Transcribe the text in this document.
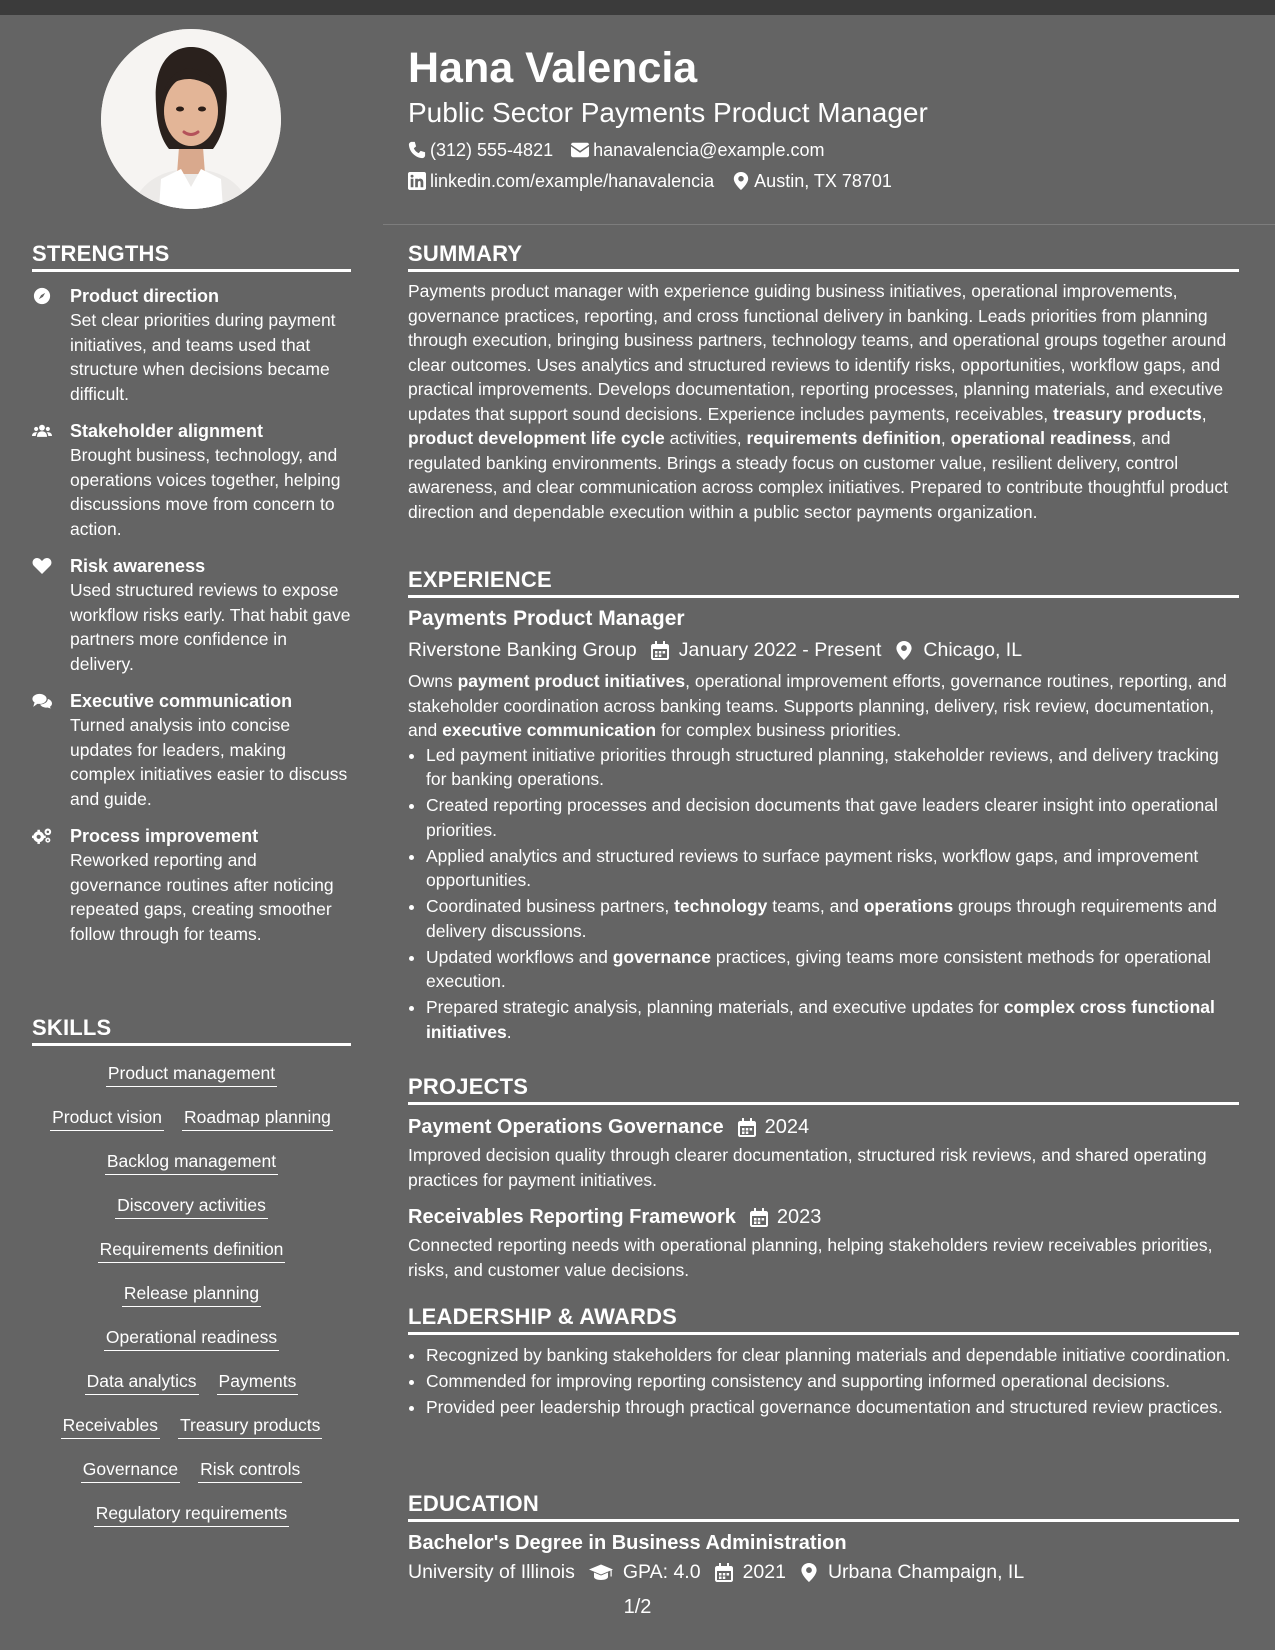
STRENGTHS
Product direction
Set clear priorities during payment initiatives, and teams used that structure when decisions became difficult.
Stakeholder alignment
Brought business, technology, and operations voices together, helping discussions move from concern to action.
Risk awareness
Used structured reviews to expose workflow risks early. That habit gave partners more confidence in delivery.
Executive communication
Turned analysis into concise updates for leaders, making complex initiatives easier to discuss and guide.
Process improvement
Reworked reporting and governance routines after noticing repeated gaps, creating smoother follow through for teams.
SKILLS
Product management
Product vision Roadmap planning
Backlog management
Discovery activities
Requirements definition
Release planning
Operational readiness
Data analytics Payments
Receivables Treasury products
Governance Risk controls
Regulatory requirements
Hana Valencia
Public Sector Payments Product Manager
(312) 555-4821 hanavalencia@example.com
linkedin.com/example/hanavalencia Austin, TX 78701
SUMMARY

Payments product manager with experience guiding business initiatives, operational improvements, governance practices, reporting, and cross functional delivery in banking. Leads priorities from planning through execution, bringing business partners, technology teams, and operational groups together around clear outcomes. Uses analytics and structured reviews to identify risks, opportunities, workflow gaps, and practical improvements. Develops documentation, reporting processes, planning materials, and executive updates that support sound decisions. Experience includes payments, receivables, treasury products, product development life cycle activities, requirements definition, operational readiness, and regulated banking environments. Brings a steady focus on customer value, resilient delivery, control awareness, and clear communication across complex initiatives. Prepared to contribute thoughtful product direction and dependable execution within a public sector payments organization.

EXPERIENCE
Payments Product Manager
Riverstone Banking Group January 2022 - Present Chicago, IL

Owns payment product initiatives, operational improvement efforts, governance routines, reporting, and stakeholder coordination across banking teams. Supports planning, delivery, risk review, documentation, and executive communication for complex business priorities.

• Led payment initiative priorities through structured planning, stakeholder reviews, and delivery tracking for banking operations.
• Created reporting processes and decision documents that gave leaders clearer insight into operational priorities.
• Applied analytics and structured reviews to surface payment risks, workflow gaps, and improvement opportunities.
• Coordinated business partners, technology teams, and operations groups through requirements and delivery discussions.
• Updated workflows and governance practices, giving teams more consistent methods for operational execution.
• Prepared strategic analysis, planning materials, and executive updates for complex cross functional initiatives.
PROJECTS
Payment Operations Governance 2024

Improved decision quality through clearer documentation, structured risk reviews, and shared operating practices for payment initiatives.

Receivables Reporting Framework 2023

Connected reporting needs with operational planning, helping stakeholders review receivables priorities, risks, and customer value decisions.

LEADERSHIP & AWARDS
• Recognized by banking stakeholders for clear planning materials and dependable initiative coordination.
• Commended for improving reporting consistency and supporting informed operational decisions.
• Provided peer leadership through practical governance documentation and structured review practices.
EDUCATION
Bachelor's Degree in Business Administration
University of Illinois GPA: 4.0 2021 Urbana Champaign, IL
1/2
